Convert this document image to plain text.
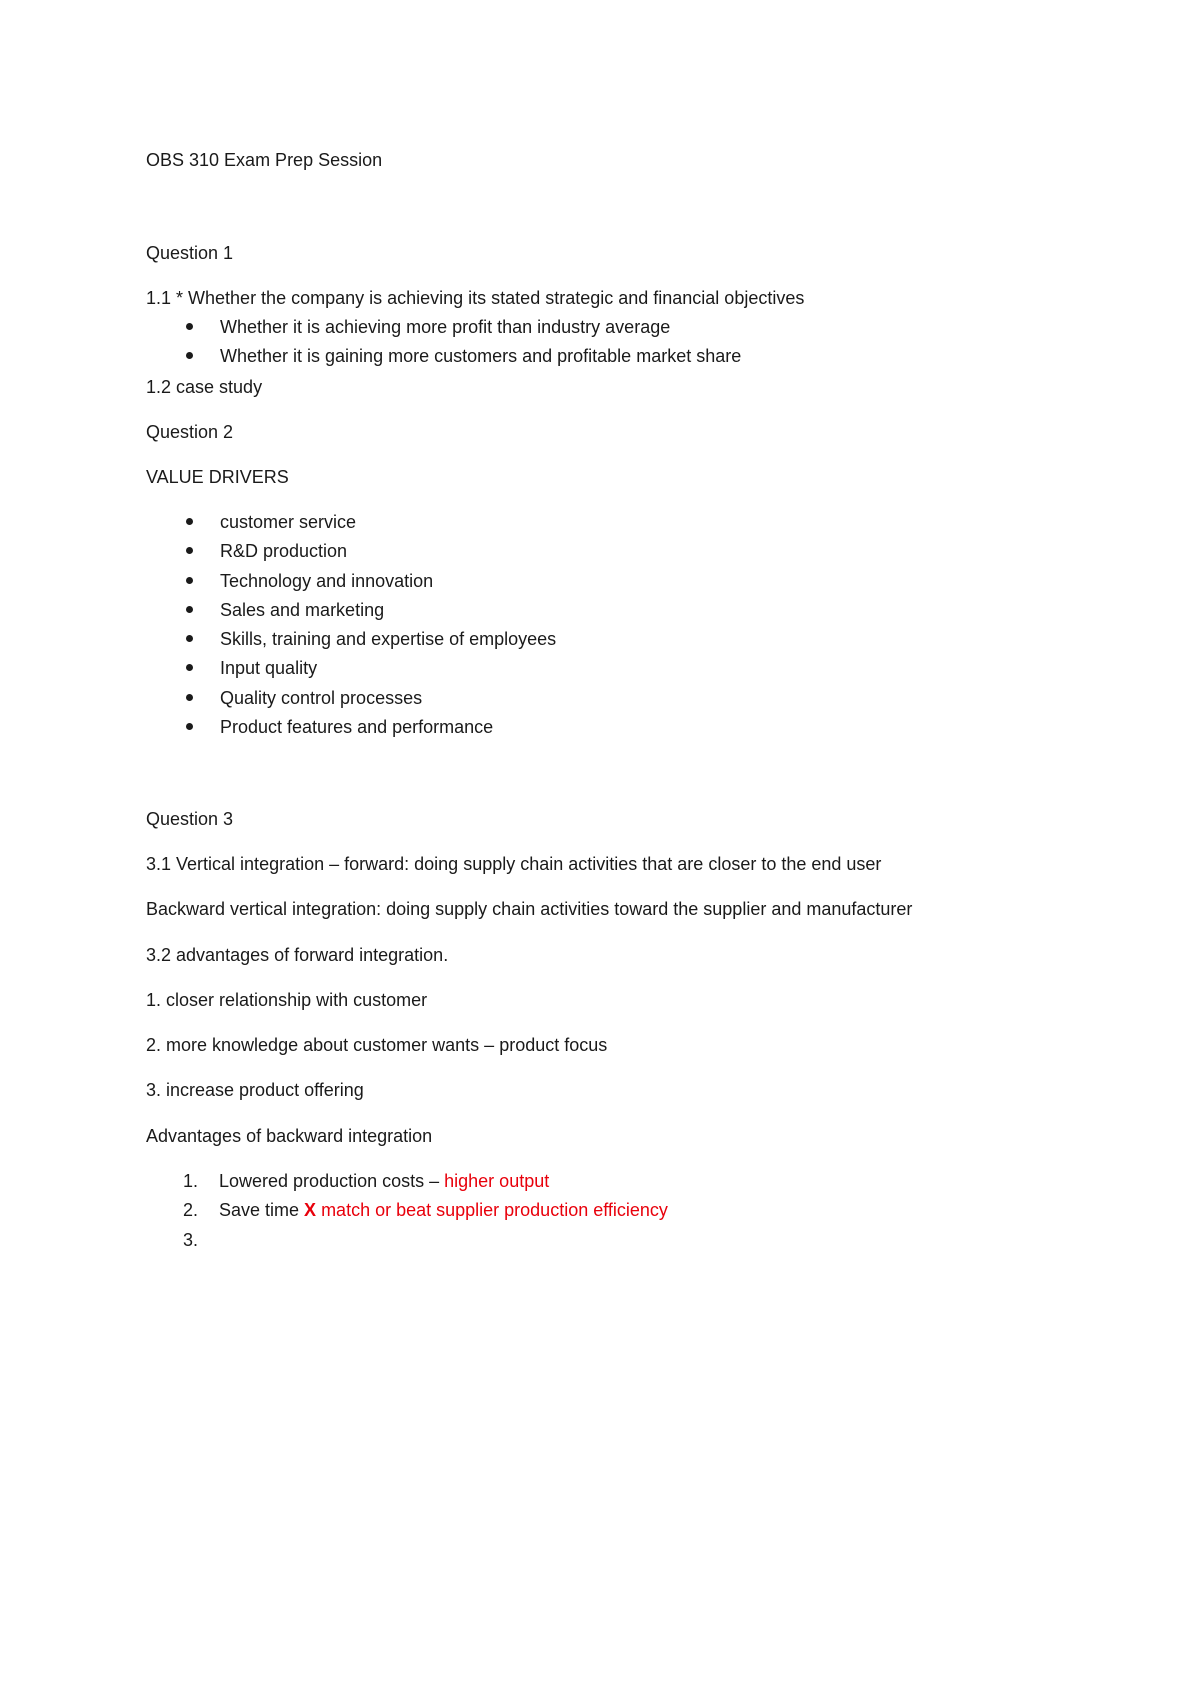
OBS 310 Exam Prep Session
Question 1
1.1 * Whether the company is achieving its stated strategic and financial objectives
Whether it is achieving more profit than industry average
Whether it is gaining more customers and profitable market share
1.2 case study
Question 2
VALUE DRIVERS
customer service
R&D production
Technology and innovation
Sales and marketing
Skills, training and expertise of employees
Input quality
Quality control processes
Product features and performance
Question 3
3.1 Vertical integration – forward: doing supply chain activities that are closer to the end user
Backward vertical integration: doing supply chain activities toward the supplier and manufacturer
3.2 advantages of forward integration.
1. closer relationship with customer
2. more knowledge about customer wants – product focus
3. increase product offering
Advantages of backward integration
1. Lowered production costs – higher output
2. Save time X match or beat supplier production efficiency
3.
